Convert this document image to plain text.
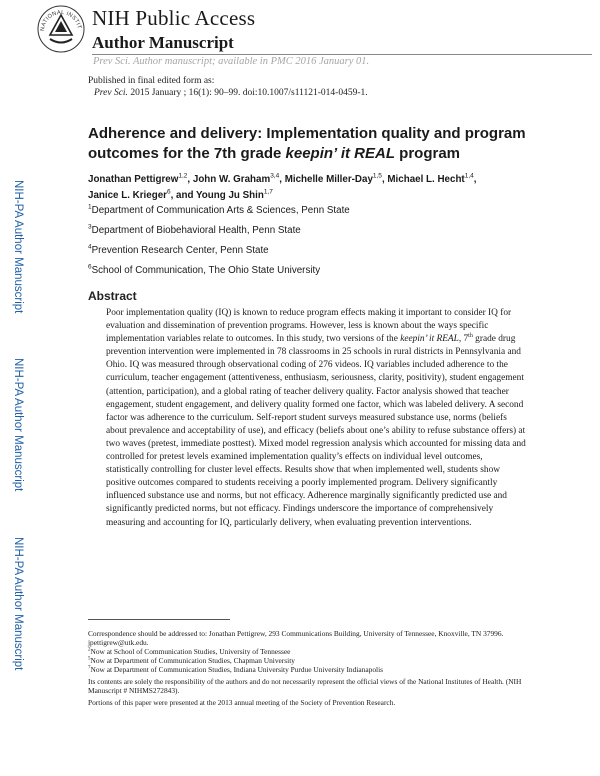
NATIONAL INSTIT NIH Public Access
Author Manuscript
Prev Sci. Author manuscript; available in PMC 2016 January 01.
Published in final edited form as:
Prev Sci. 2015 January ; 16(1): 90–99. doi:10.1007/s11121-014-0459-1.
NIH-PA Author Manuscript
NIH-PA Author Manuscript
NIH-PA Author Manuscript
Adherence and delivery: Implementation quality and program outcomes for the 7th grade keepin’ it REAL program
Jonathan Pettigrew$^{1,2}$, John W. Graham$^{3,4}$, Michelle Miller-Day$^{1,5}$, Michael L. Hecht$^{1,4}$,
Janice L. Krieger$^6$, and Young Ju Shin$^{1,7}$
$^1$Department of Communication Arts & Sciences, Penn State
$^3$Department of Biobehavioral Health, Penn State
$^4$Prevention Research Center, Penn State
$^6$School of Communication, The Ohio State University
Abstract

Poor implementation quality (IQ) is known to reduce program effects making it important to consider IQ for evaluation and dissemination of prevention programs. However, less is known about the ways specific implementation variables relate to outcomes. In this study, two versions of the keepin’ it REAL, 7th grade drug prevention intervention were implemented in 78 classrooms in 25 schools in rural districts in Pennsylvania and Ohio. IQ was measured through observational coding of 276 videos. IQ variables included adherence to the curriculum, teacher engagement (attentiveness, enthusiasm, seriousness, clarity, positivity), student engagement (attention, participation), and a global rating of teacher delivery quality. Factor analysis showed that teacher engagement, student engagement, and delivery quality formed one factor, which was labeled delivery. A second factor was adherence to the curriculum. Self-report student surveys measured substance use, norms (beliefs about prevalence and acceptability of use), and efficacy (beliefs about one’s ability to refuse substance offers) at two waves (pretest, immediate posttest). Mixed model regression analysis which accounted for missing data and controlled for pretest levels examined implementation quality’s effects on individual level outcomes, statistically controlling for cluster level effects. Results show that when implemented well, students show positive outcomes compared to students receiving a poorly implemented program. Delivery significantly influenced substance use and norms, but not efficacy. Adherence marginally significantly predicted use and significantly predicted norms, but not efficacy. Findings underscore the importance of comprehensively measuring and accounting for IQ, particularly delivery, when evaluating prevention interventions.

Correspondence should be addressed to: Jonathan Pettigrew, 293 Communications Building, University of Tennessee, Knoxville, TN 37996. jpettigrew@utk.edu.
$^2$Now at School of Communication Studies, University of Tennessee
$^5$Now at Department of Communication Studies, Chapman University
$^7$Now at Department of Communication Studies, Indiana University Purdue University Indianapolis
Its contents are solely the responsibility of the authors and do not necessarily represent the official views of the National Institutes of Health. (NIH Manuscript # NIHMS272843).
Portions of this paper were presented at the 2013 annual meeting of the Society of Prevention Research.
